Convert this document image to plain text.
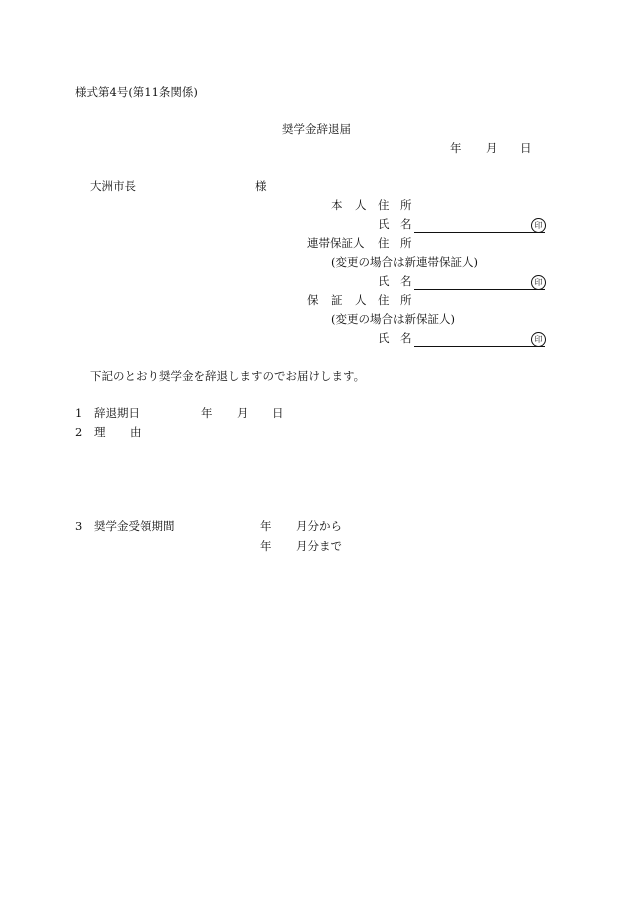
様式第4号(第11条関係)
奨学金辞退届
年 月 日
大洲市長	様
本 人 住 所
氏 名	印
連帯保証人 住 所
(変更の場合は新連帯保証人)
氏 名	印
保 証 人 住 所
(変更の場合は新保証人)
氏 名	印
下記のとおり奨学金を辞退しますのでお届けします。
1 辞退期日	年 月 日
2 理 由
3 奨学金受領期間	年 月分から
年 月分まで
